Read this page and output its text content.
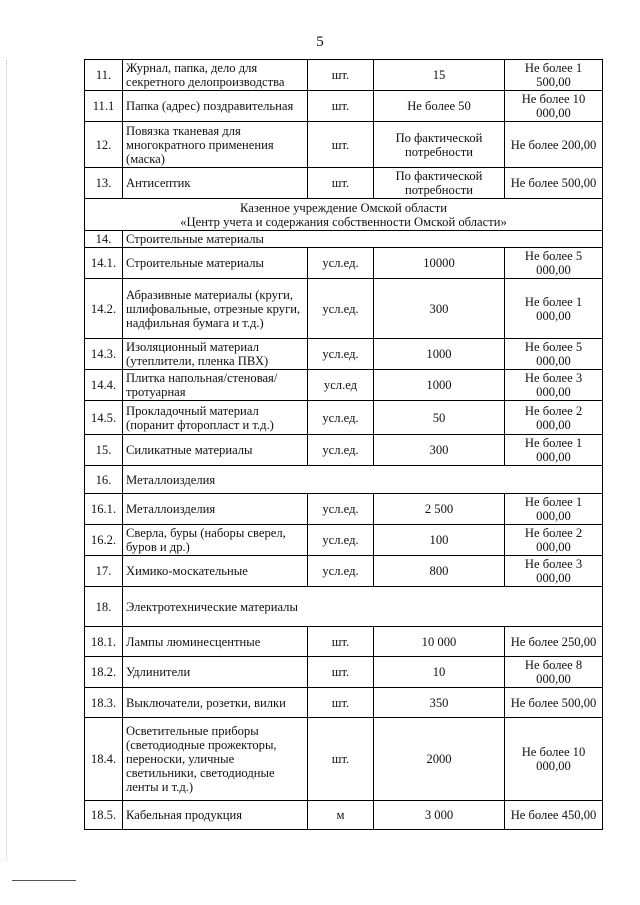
5
11.	Журнал, папка, дело для секретного делопроизводства	шт.	15	Не более 1 500,00
11.1	Папка (адрес) поздравительная	шт.	Не более 50	Не более 10 000,00
12.	Повязка тканевая для многократного применения (маска)	шт.	По фактической потребности	Не более 200,00
13.	Антисептик	шт.	По фактической потребности	Не более 500,00

Казенное учреждение Омской области
«Центр учета и содержания собственности Омской области»				

14.	Строительные материалы			
14.1.	Строительные материалы	усл.ед.	10000	Не более 5 000,00
14.2.	Абразивные материалы (круги, шлифовальные, отрезные круги, надфильная бумага и т.д.)	усл.ед.	300	Не более 1 000,00
14.3.	Изоляционный материал (утеплители, пленка ПВХ)	усл.ед.	1000	Не более 5 000,00
14.4.	Плитка напольная/стеновая/тротуарная	усл.ед	1000	Не более 3 000,00
14.5.	Прокладочный материал (поранит фторопласт и т.д.)	усл.ед.	50	Не более 2 000,00
15.	Силикатные материалы	усл.ед.	300	Не более 1 000,00
16.	Металлоизделия			
16.1.	Металлоизделия	усл.ед.	2 500	Не более 1 000,00
16.2.	Сверла, буры (наборы сверел, буров и др.)	усл.ед.	100	Не более 2 000,00
17.	Химико-москательные	усл.ед.	800	Не более 3 000,00
18.	Электротехнические материалы			
18.1.	Лампы люминесцентные	шт.	10 000	Не более 250,00
18.2.	Удлинители	шт.	10	Не более 8 000,00
18.3.	Выключатели, розетки, вилки	шт.	350	Не более 500,00
18.4.	Осветительные приборы (светодиодные прожекторы, переноски, уличные светильники, светодиодные ленты и т.д.)	шт.	2000	Не более 10 000,00
18.5.	Кабельная продукция	м	3 000	Не более 450,00
